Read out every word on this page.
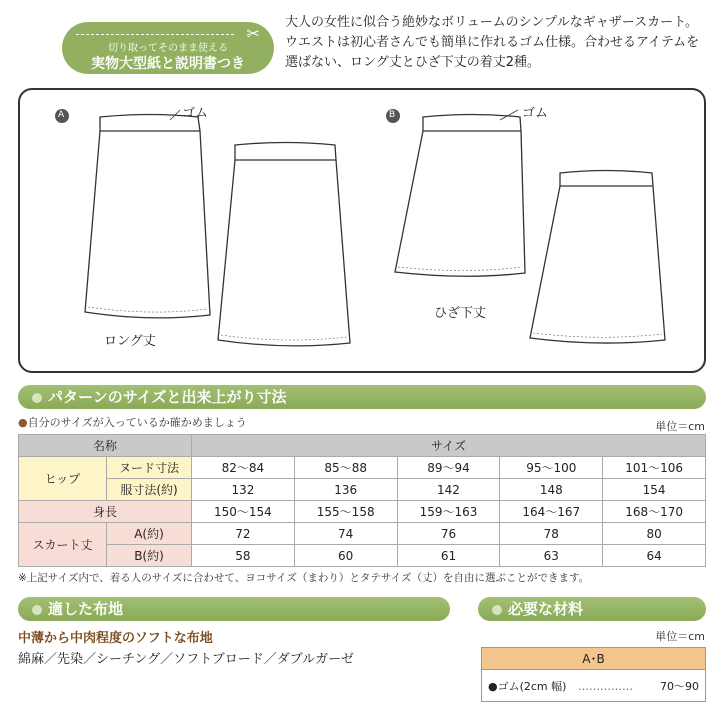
✂
切り取ってそのまま使える
実物大型紙と説明書つき
大人の女性に似合う絶妙なボリュームのシンプルなギャザースカート。ウエストは初心者さんでも簡単に作れるゴム仕様。合わせるアイテムを選ばない、ロング丈とひざ下丈の着丈2種。
A	B
ゴム	ゴム
ロング丈
ひざ下丈
パターンのサイズと出来上がり寸法
●自分のサイズが入っているか確かめましょう	単位＝cm
名称		サイズ				
ヒップ	ヌード寸法	82〜84	85〜88	89〜94	95〜100	101〜106
	服寸法(約)	132	136	142	148	154
身長		150〜154	155〜158	159〜163	164〜167	168〜170
スカート丈	A(約)	72	74	76	78	80
	B(約)	58	60	61	63	64
※上記サイズ内で、着る人のサイズに合わせて、ヨコサイズ（まわり）とタテサイズ（丈）を自由に選ぶことができます。
適した布地
中薄から中肉程度のソフトな布地
綿麻／先染／シーチング／ソフトブロード／ダブルガーゼ
必要な材料
単位＝cm
A･B
●ゴム(2cm 幅) …………… 70〜90
